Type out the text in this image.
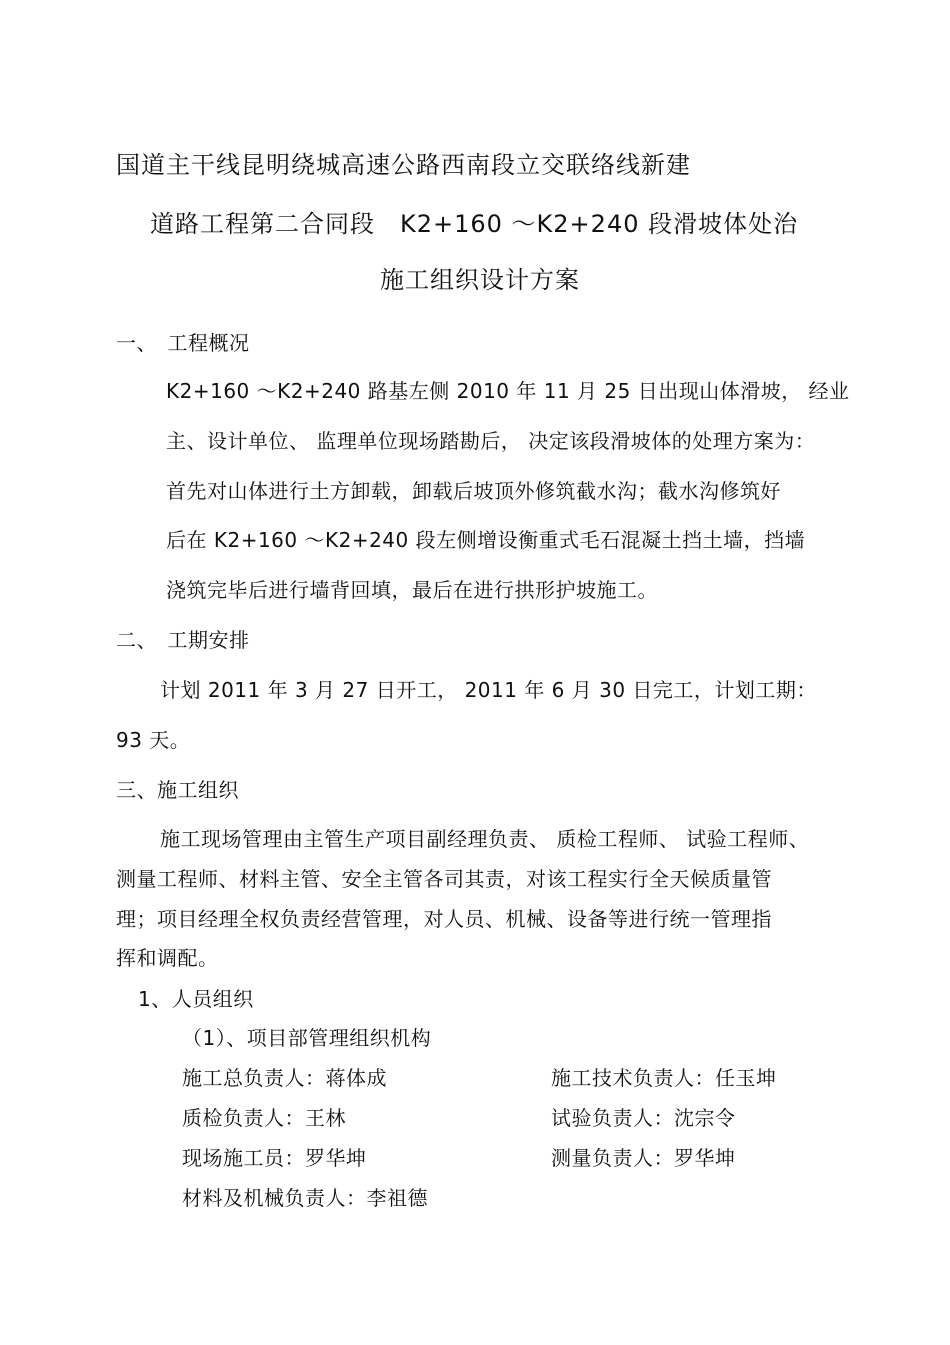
国道主干线昆明绕城高速公路西南段立交联络线新建
道路工程第二合同段　K2+160 ～K2+240 段滑坡体处治
施工组织设计方案
一、　工程概况
K2+160 ～K2+240 路基左侧 2010 年 11 月 25 日出现山体滑坡， 经业
主、设计单位、 监理单位现场踏勘后， 决定该段滑坡体的处理方案为：
首先对山体进行土方卸载，卸载后坡顶外修筑截水沟；截水沟修筑好
后在 K2+160 ～K2+240 段左侧增设衡重式毛石混凝土挡土墙，挡墙
浇筑完毕后进行墙背回填，最后在进行拱形护坡施工。
二、　工期安排
计划 2011 年 3 月 27 日开工， 2011 年 6 月 30 日完工，计划工期：
93 天。
三、施工组织
施工现场管理由主管生产项目副经理负责、 质检工程师、 试验工程师、
测量工程师、材料主管、安全主管各司其责，对该工程实行全天候质量管
理；项目经理全权负责经营管理，对人员、机械、设备等进行统一管理指
挥和调配。
1、人员组织
（1）、项目部管理组织机构
施工总负责人：蒋体成	施工技术负责人：任玉坤
质检负责人：王林	试验负责人：沈宗令
现场施工员：罗华坤	测量负责人：罗华坤
材料及机械负责人：李祖德
